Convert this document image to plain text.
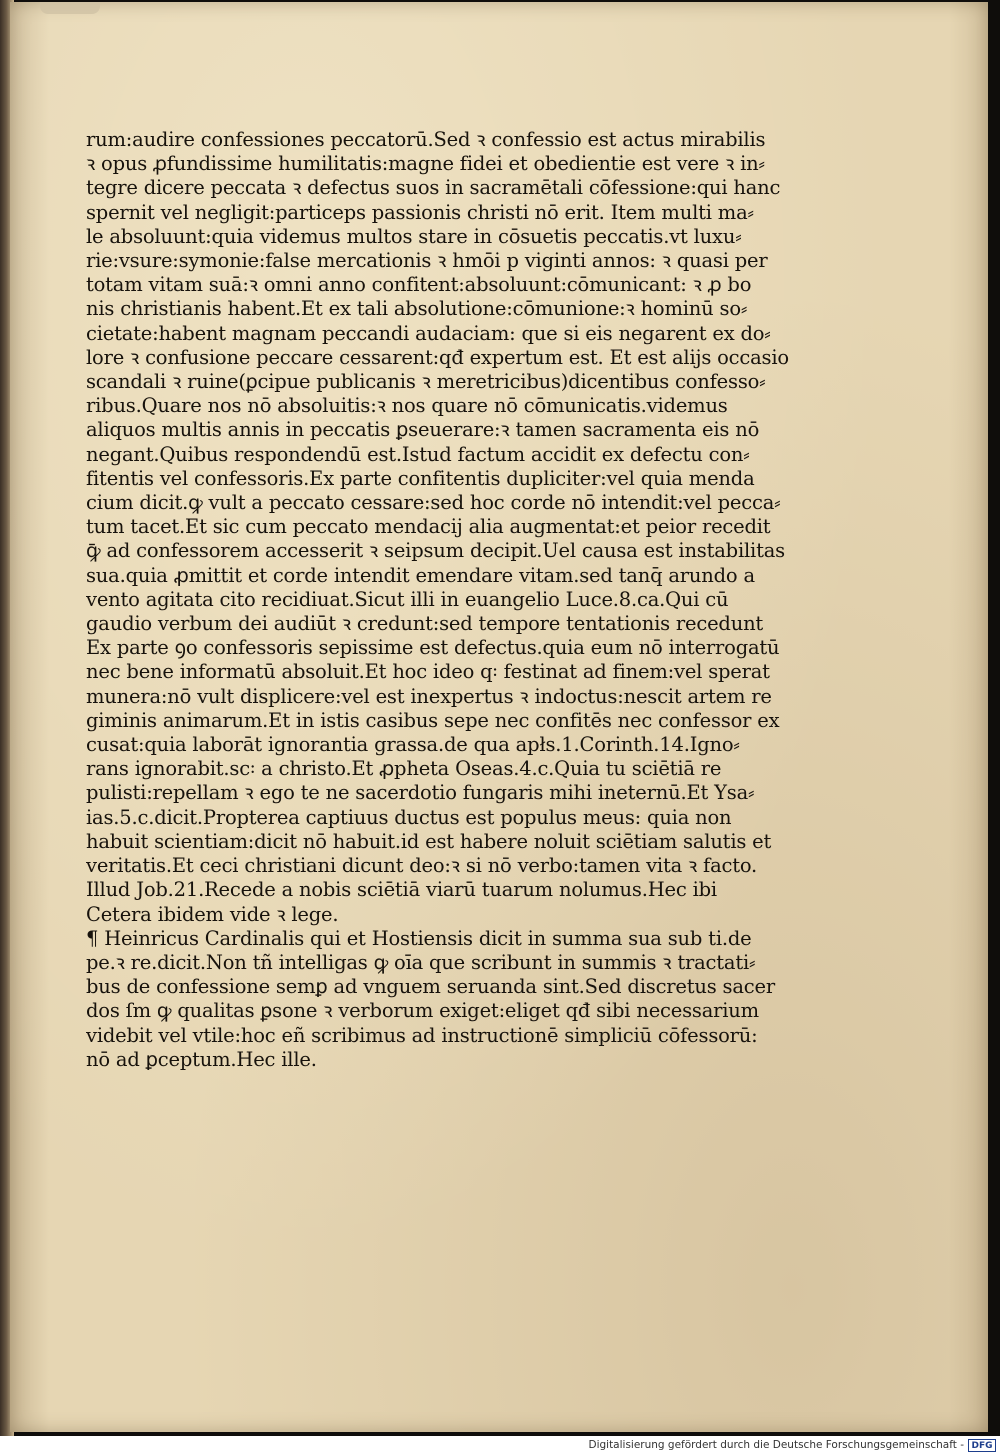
rum:audire confessiones peccatorū.Sed ꝛ confessio est actus mirabilis
ꝛ opus ꝓfundissime humilitatis:magne fidei et obedientie est vere ꝛ in⸗
tegre dicere peccata ꝛ defectus suos in sacramētali cōfessione:qui hanc
spernit vel negligit:particeps passionis christi nō erit. Item multi ma⸗
le absoluunt:quia videmus multos stare in cōsuetis peccatis.vt luxu⸗
rie:vsure:symonie:false mercationis ꝛ hmōi p viginti annos: ꝛ quasi per
totam vitam suā:ꝛ omni anno confitent:absoluunt:cōmunicant: ꝛ ꝓ bo
nis christianis habent.Et ex tali absolutione:cōmunione:ꝛ hominū so⸗
cietate:habent magnam peccandi audaciam: que si eis negarent ex do⸗
lore ꝛ confusione peccare cessarent:qđ expertum est. Et est alijs occasio
scandali ꝛ ruine(ꝑcipue publicanis ꝛ meretricibus)dicentibus confesso⸗
ribus.Quare nos nō absoluitis:ꝛ nos quare nō cōmunicatis.videmus
aliquos multis annis in peccatis ꝑseuerare:ꝛ tamen sacramenta eis nō
negant.Quibus respondendū est.Istud factum accidit ex defectu con⸗
fitentis vel confessoris.Ex parte confitentis dupliciter:vel quia menda
cium dicit.ꝙ vult a peccato cessare:sed hoc corde nō intendit:vel pecca⸗
tum tacet.Et sic cum peccato mendacij alia augmentat:et peior recedit
ꝙ̄ ad confessorem accesserit ꝛ seipsum decipit.Uel causa est instabilitas
sua.quia ꝓmittit et corde intendit emendare vitam.sed tanq̄ arundo a
vento agitata cito recidiuat.Sicut illi in euangelio Luce.8.ca.Qui cū
gaudio verbum dei audiūt ꝛ credunt:sed tempore tentationis recedunt
Ex parte ꝯo confessoris sepissime est defectus.quia eum nō interrogatū
nec bene informatū absoluit.Et hoc ideo q꞉ festinat ad finem:vel sperat
munera:nō vult displicere:vel est inexpertus ꝛ indoctus:nescit artem re
giminis animarum.Et in istis casibus sepe nec confitēs nec confessor ex
cusat:quia laborāt ignorantia grassa.de qua apłs.1.Corinth.14.Igno⸗
rans ignorabit.sc꞉ a christo.Et ꝓpheta Oseas.4.c.Quia tu sciētiā re
pulisti:repellam ꝛ ego te ne sacerdotio fungaris mihi ineternū.Et Ysa⸗
ias.5.c.dicit.Propterea captiuus ductus est populus meus: quia non
habuit scientiam:dicit nō habuit.id est habere noluit sciētiam salutis et
veritatis.Et ceci christiani dicunt deo:ꝛ si nō verbo:tamen vita ꝛ facto.
Illud Job.21.Recede a nobis sciētiā viarū tuarum nolumus.Hec ibi
Cetera ibidem vide ꝛ lege.
¶ Heinricus Cardinalis qui et Hostiensis dicit in summa sua sub ti.de
pe.ꝛ re.dicit.Non tñ intelligas ꝙ oīa que scribunt in summis ꝛ tractati⸗
bus de confessione semꝑ ad vnguem seruanda sint.Sed discretus sacer
dos ſm ꝙ qualitas ꝑsone ꝛ verborum exiget:eliget qđ sibi necessarium
videbit vel vtile:hoc eñ scribimus ad instructionē simpliciū cōfessorū:
nō ad ꝑceptum.Hec ille.
Digitalisierung gefördert durch die Deutsche Forschungsgemeinschaft - DFG
